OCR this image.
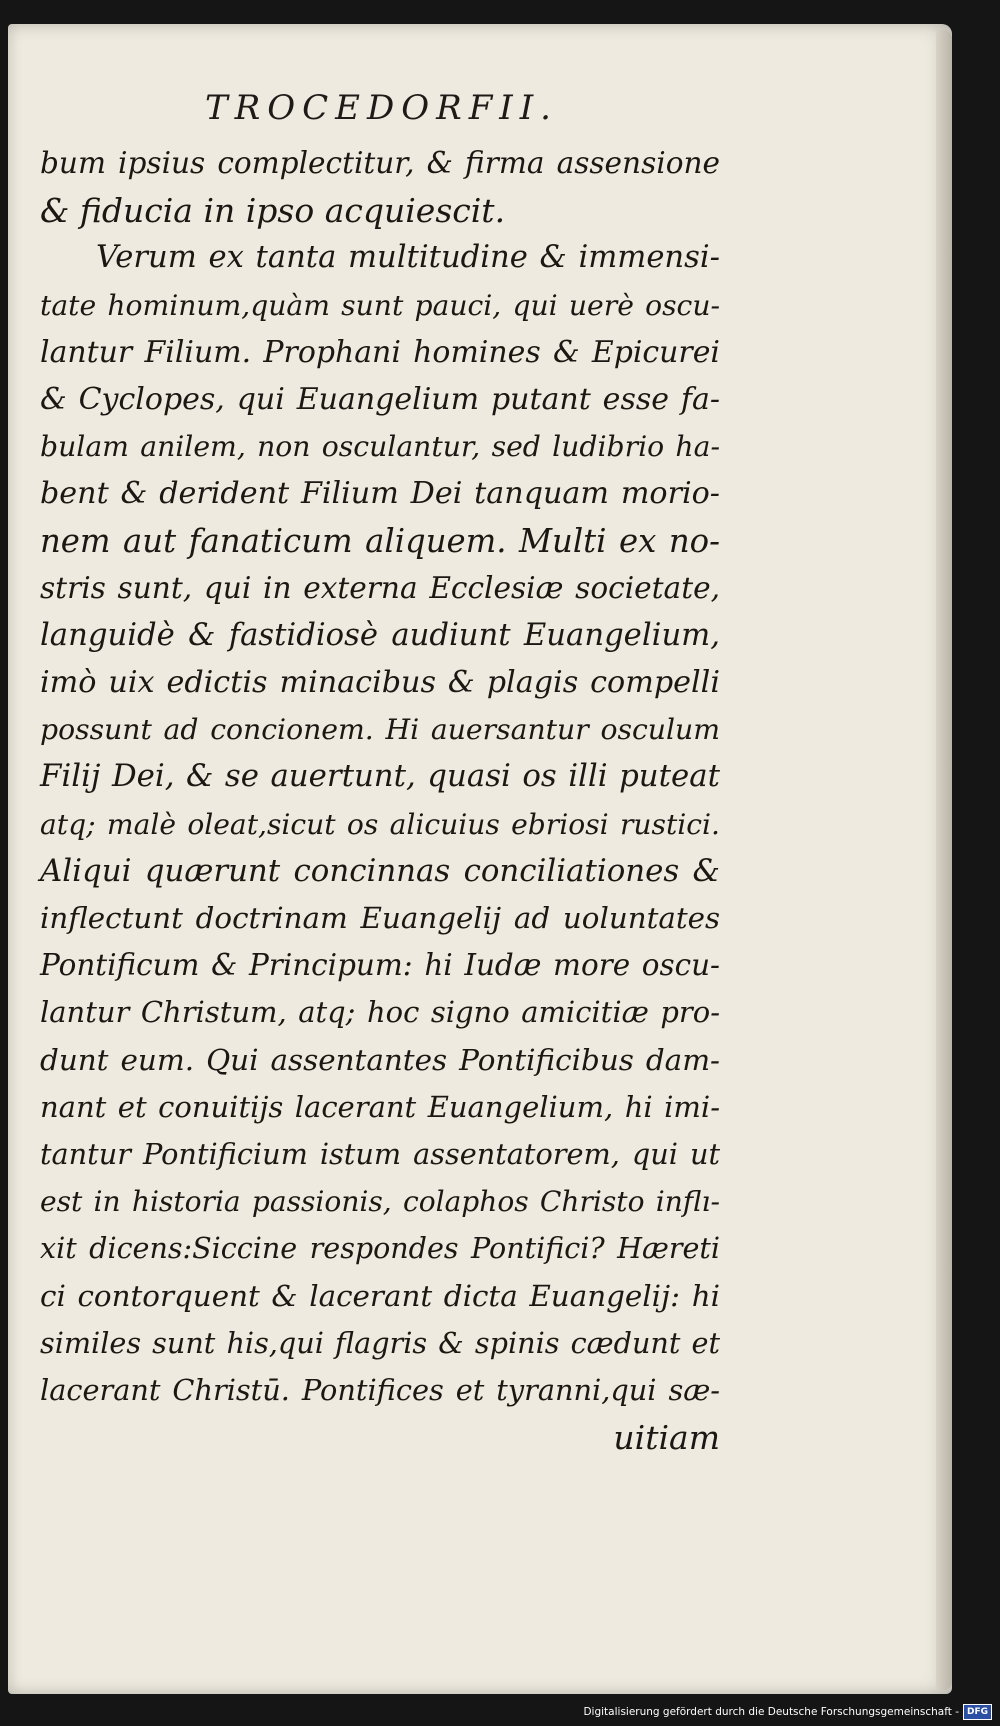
TROCEDORFII.
bum ipsius complectitur, & firma assensione
& fiducia in ipso acquiescit.
Verum ex tanta multitudine & immensi-
tate hominum,quàm sunt pauci, qui uerè oscu-
lantur Filium. Prophani homines & Epicurei
& Cyclopes, qui Euangelium putant esse fa-
bulam anilem, non osculantur, sed ludibrio ha-
bent & derident Filium Dei tanquam morio-
nem aut fanaticum aliquem. Multi ex no-
stris sunt, qui in externa Ecclesiæ societate,
languidè & fastidiosè audiunt Euangelium,
imò uix edictis minacibus & plagis compelli
possunt ad concionem. Hi auersantur osculum
Filij Dei, & se auertunt, quasi os illi puteat
atq; malè oleat,sicut os alicuius ebriosi rustici.
Aliqui quærunt concinnas conciliationes &
inflectunt doctrinam Euangelij ad uoluntates
Pontificum & Principum: hi Iudæ more oscu-
lantur Christum, atq; hoc signo amicitiæ pro-
dunt eum. Qui assentantes Pontificibus dam-
nant et conuitijs lacerant Euangelium, hi imi-
tantur Pontificium istum assentatorem, qui ut
est in historia passionis, colaphos Christo inflı-
xit dicens:Siccine respondes Pontifici? Hæreti
ci contorquent & lacerant dicta Euangelij: hi
similes sunt his,qui flagris & spinis cædunt et
lacerant Christū. Pontifices et tyranni,qui sæ-
uitiam
Digitalisierung gefördert durch die Deutsche Forschungsgemeinschaft - DFG
